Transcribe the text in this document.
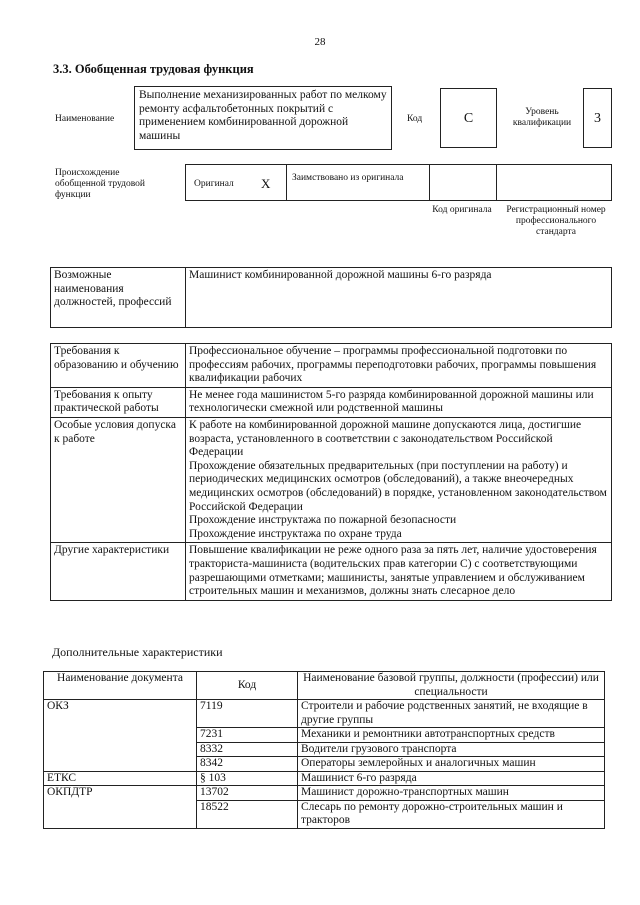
28
3.3. Обобщенная трудовая функция
Наименование
Выполнение механизированных работ по мелкому ремонту асфальтобетонных покрытий с применением комбинированной дорожной машины
Код	С	Уровень квалификации	3
Происхождение обобщенной трудовой функции
Оригинал Х Заимствовано из оригинала
Код оригинала	Регистрационный номер профессионального стандарта
Возможные наименования должностей, профессий	Машинист комбинированной дорожной машины 6-го разряда
Требования к образованию и обучению	Профессиональное обучение – программы профессиональной подготовки по профессиям рабочих, программы переподготовки рабочих, программы повышения квалификации рабочих
Требования к опыту практической работы	Не менее года машинистом 5-го разряда комбинированной дорожной машины или технологически смежной или родственной машины
Особые условия допуска к работе	К работе на комбинированной дорожной машине допускаются лица, достигшие возраста, установленного в соответствии с законодательством Российской Федерации
Прохождение обязательных предварительных (при поступлении на работу) и периодических медицинских осмотров (обследований), а также внеочередных медицинских осмотров (обследований) в порядке, установленном законодательством Российской Федерации
Прохождение инструктажа по пожарной безопасности
Прохождение инструктажа по охране труда

Другие характеристики	Повышение квалификации не реже одного раза за пять лет, наличие удостоверения тракториста-машиниста (водительских прав категории С) с соответствующими разрешающими отметками; машинисты, занятые управлением и обслуживанием строительных машин и механизмов, должны знать слесарное дело
Дополнительные характеристики
Наименование документа	Код	Наименование базовой группы, должности (профессии) или специальности
ОКЗ	7119	Строители и рабочие родственных занятий, не входящие в другие группы
	7231	Механики и ремонтники автотранспортных средств
	8332	Водители грузового транспорта
	8342	Операторы землеройных и аналогичных машин
ЕТКС	§ 103	Машинист 6-го разряда
ОКПДТР	13702	Машинист дорожно-транспортных машин
	18522	Слесарь по ремонту дорожно-строительных машин и тракторов
